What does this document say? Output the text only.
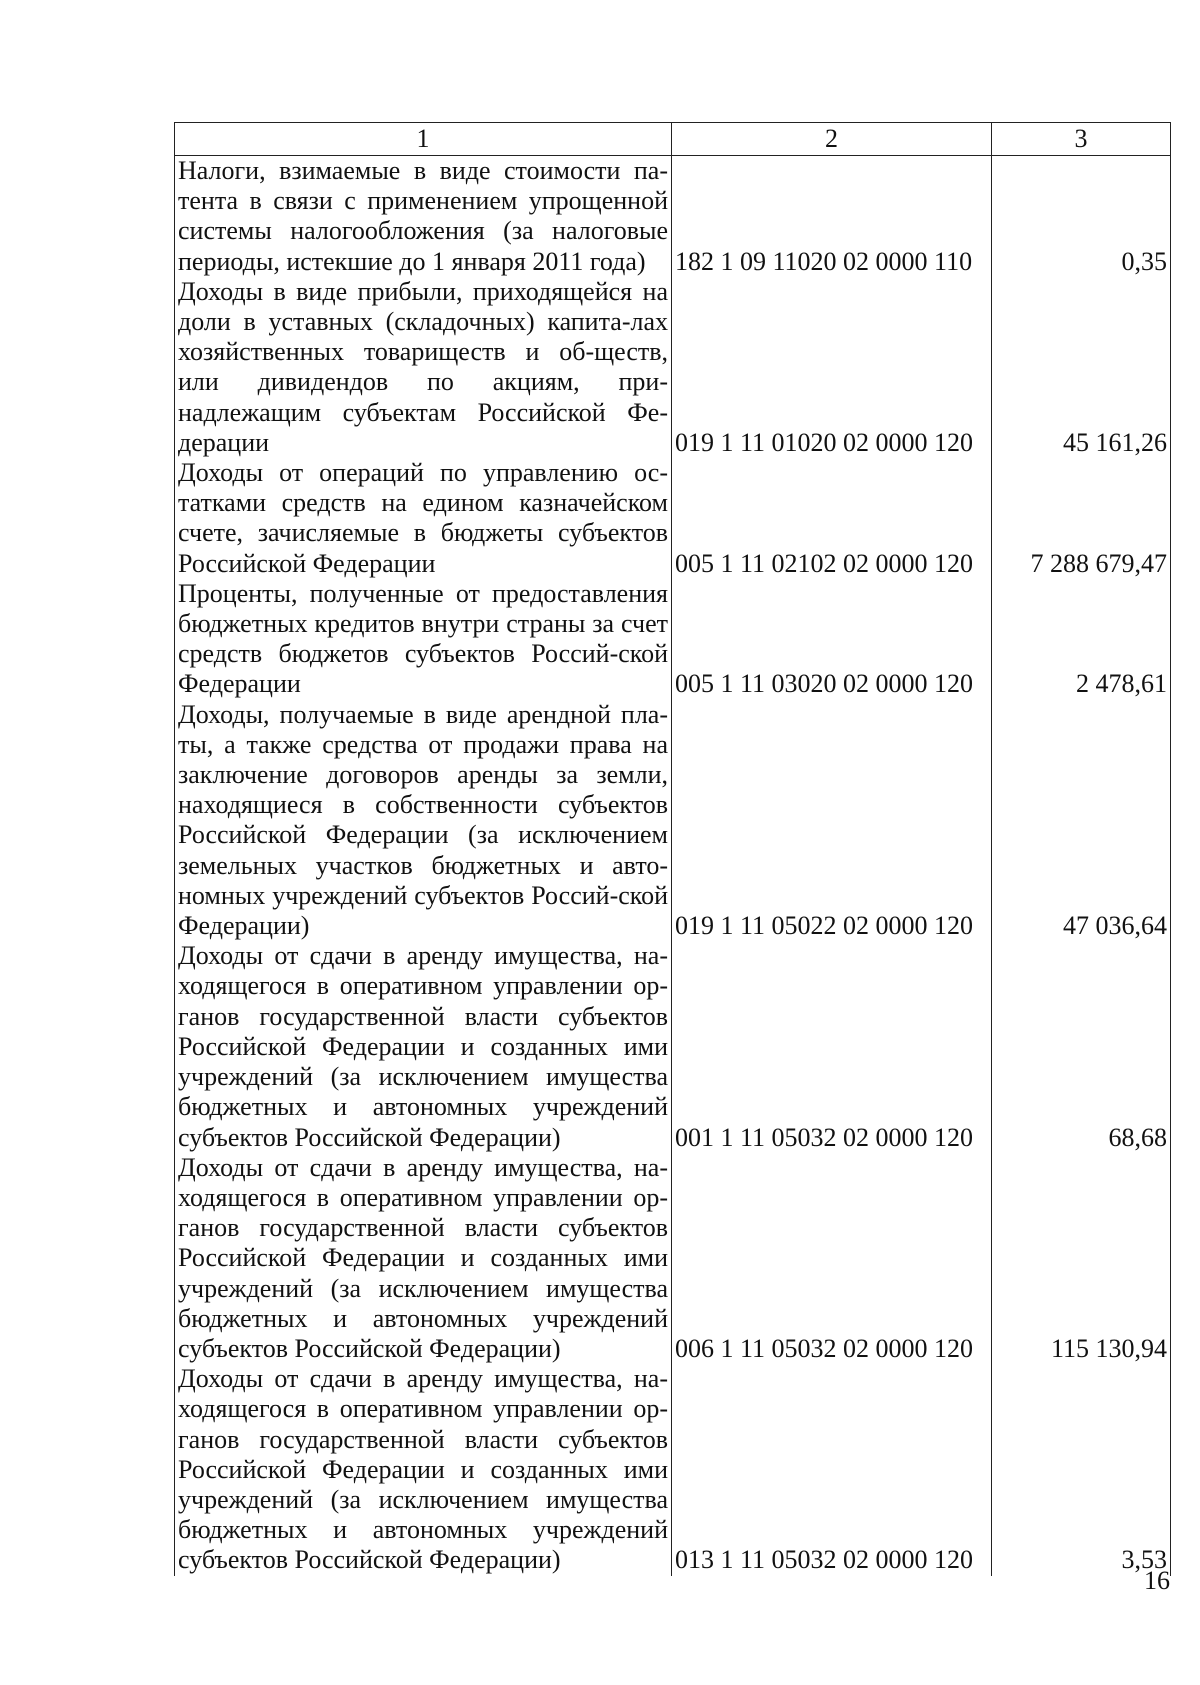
1	2	3
Налоги, взимаемые в виде стоимости па-тента в связи с применением упрощенной системы налогообложения (за налоговые периоды, истекшие до 1 января 2011 года)	182 1 09 11020 02 0000 110	0,35
Доходы в виде прибыли, приходящейся на доли в уставных (складочных) капита-лах хозяйственных товариществ и об-ществ, или дивидендов по акциям, при-надлежащим субъектам Российской Фе-дерации	019 1 11 01020 02 0000 120	45 161,26
Доходы от операций по управлению ос-татками средств на едином казначейском счете, зачисляемые в бюджеты субъектов Российской Федерации	005 1 11 02102 02 0000 120	7 288 679,47
Проценты, полученные от предоставления бюджетных кредитов внутри страны за счет средств бюджетов субъектов Россий-ской Федерации	005 1 11 03020 02 0000 120	2 478,61
Доходы, получаемые в виде арендной пла-ты, а также средства от продажи права на заключение договоров аренды за земли, находящиеся в собственности субъектов Российской Федерации (за исключением земельных участков бюджетных и авто-номных учреждений субъектов Россий-ской Федерации)	019 1 11 05022 02 0000 120	47 036,64
Доходы от сдачи в аренду имущества, на-ходящегося в оперативном управлении ор-ганов государственной власти субъектов Российской Федерации и созданных ими учреждений (за исключением имущества бюджетных и автономных учреждений субъектов Российской Федерации)	001 1 11 05032 02 0000 120	68,68
Доходы от сдачи в аренду имущества, на-ходящегося в оперативном управлении ор-ганов государственной власти субъектов Российской Федерации и созданных ими учреждений (за исключением имущества бюджетных и автономных учреждений субъектов Российской Федерации)	006 1 11 05032 02 0000 120	115 130,94
Доходы от сдачи в аренду имущества, на-ходящегося в оперативном управлении ор-ганов государственной власти субъектов Российской Федерации и созданных ими учреждений (за исключением имущества бюджетных и автономных учреждений субъектов Российской Федерации)	013 1 11 05032 02 0000 120	3,53
16
